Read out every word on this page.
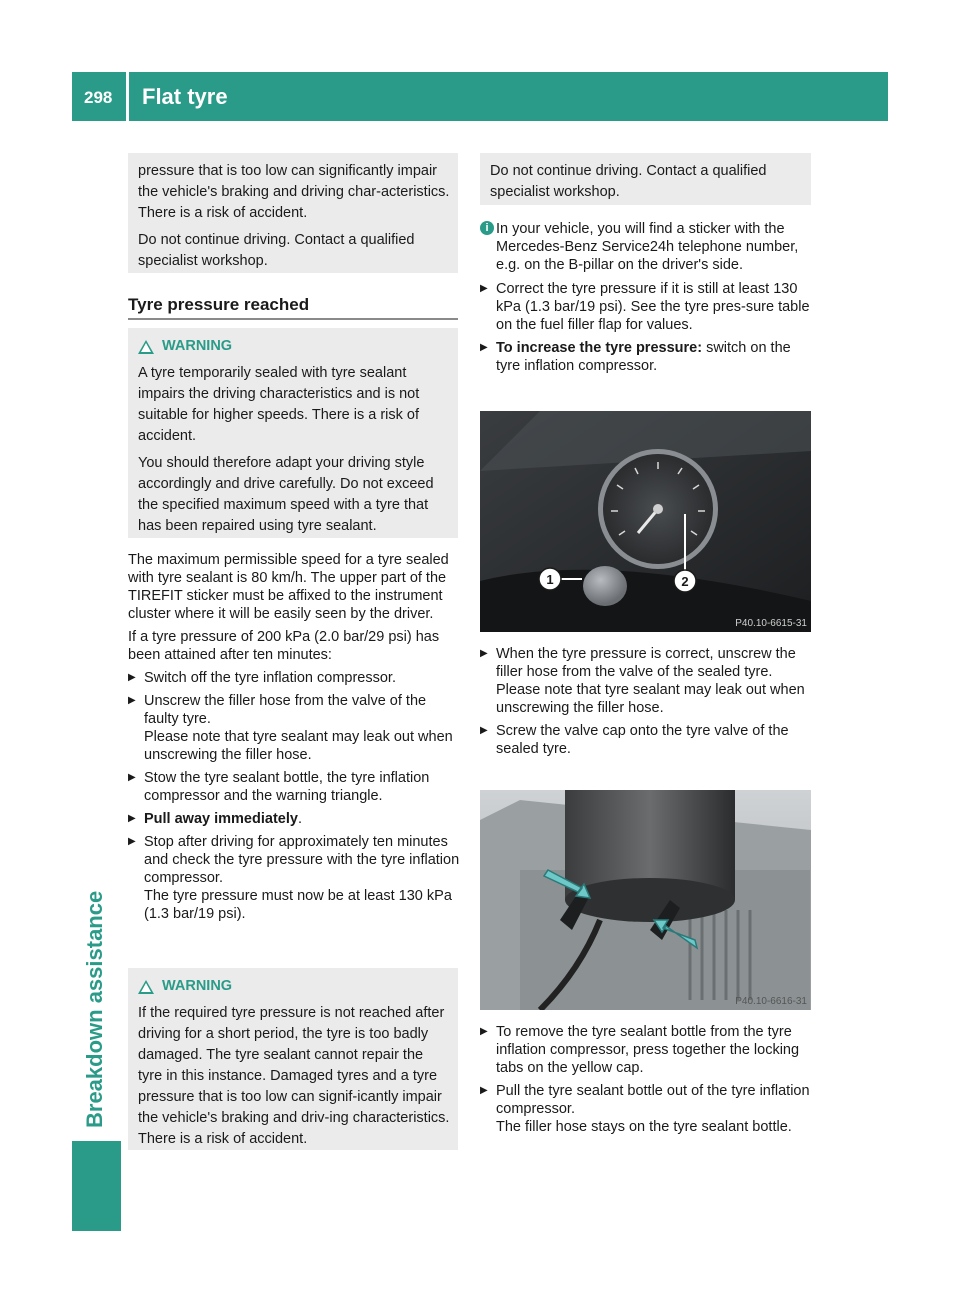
298 Flat tyre
Breakdown assistance

pressure that is too low can significantly impair the vehicle's braking and driving char-acteristics. There is a risk of accident.

Do not continue driving. Contact a qualified specialist workshop.

Tyre pressure reached
WARNING

A tyre temporarily sealed with tyre sealant impairs the driving characteristics and is not suitable for higher speeds. There is a risk of accident.

You should therefore adapt your driving style accordingly and drive carefully. Do not exceed the specified maximum speed with a tyre that has been repaired using tyre sealant.

The maximum permissible speed for a tyre sealed with tyre sealant is 80 km/h. The upper part of the TIREFIT sticker must be affixed to the instrument cluster where it will be easily seen by the driver.

If a tyre pressure of 200 kPa (2.0 bar/29 psi) has been attained after ten minutes:

▶ Switch off the tyre inflation compressor.
▶ Unscrew the filler hose from the valve of the faulty tyre.
Please note that tyre sealant may leak out when unscrewing the filler hose.
▶ Stow the tyre sealant bottle, the tyre inflation compressor and the warning triangle.
▶ Pull away immediately.
▶ Stop after driving for approximately ten minutes and check the tyre pressure with the tyre inflation compressor.
The tyre pressure must now be at least 130 kPa (1.3 bar/19 psi).
WARNING

If the required tyre pressure is not reached after driving for a short period, the tyre is too badly damaged. The tyre sealant cannot repair the tyre in this instance. Damaged tyres and a tyre pressure that is too low can signif-icantly impair the vehicle's braking and driv-ing characteristics. There is a risk of accident.

Do not continue driving. Contact a qualified specialist workshop.

i In your vehicle, you will find a sticker with the Mercedes-Benz Service24h telephone number, e.g. on the B-pillar on the driver's side.
▶ Correct the tyre pressure if it is still at least 130 kPa (1.3 bar/19 psi). See the tyre pres-sure table on the fuel filler flap for values.
▶ To increase the tyre pressure: switch on the tyre inflation compressor.
1	2
P40.10-6615-31
▶ When the tyre pressure is correct, unscrew the filler hose from the valve of the sealed tyre.
Please note that tyre sealant may leak out when unscrewing the filler hose.
▶ Screw the valve cap onto the tyre valve of the sealed tyre.
P40.10-6616-31
▶ To remove the tyre sealant bottle from the tyre inflation compressor, press together the locking tabs on the yellow cap.
▶ Pull the tyre sealant bottle out of the tyre inflation compressor.
The filler hose stays on the tyre sealant bottle.
